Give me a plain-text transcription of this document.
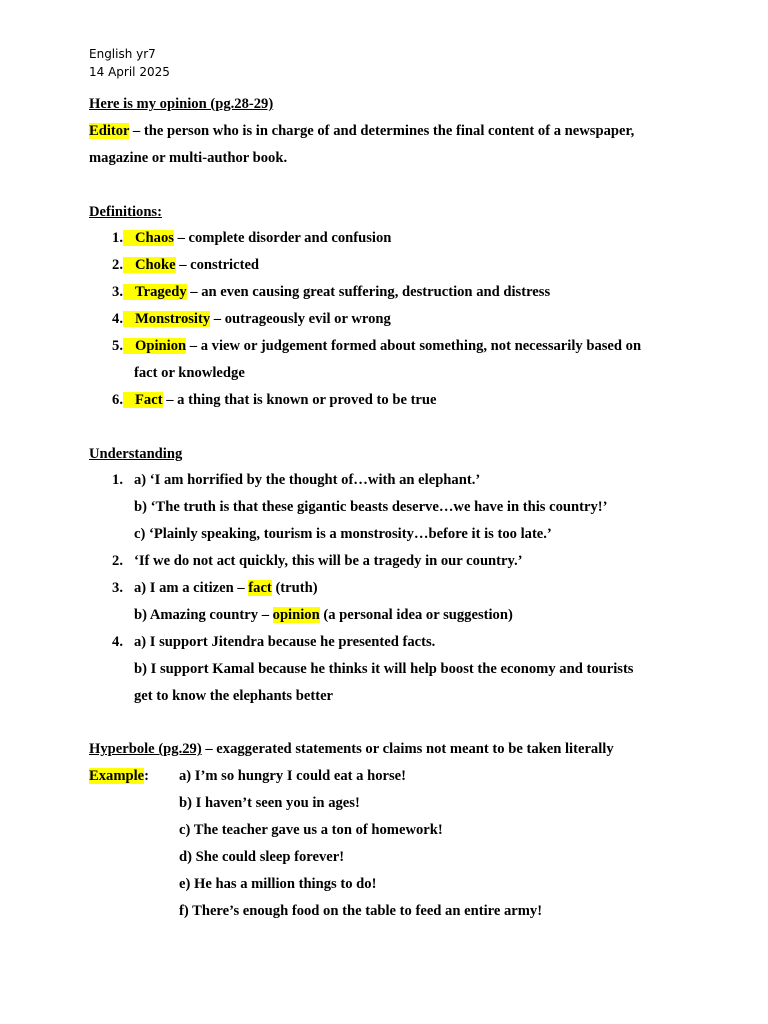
English yr7
14 April 2025
Here is my opinion (pg.28-29)
Editor – the person who is in charge of and determines the final content of a newspaper,
magazine or multi-author book.
Definitions:
1. Chaos – complete disorder and confusion
2. Choke – constricted
3. Tragedy – an even causing great suffering, destruction and distress
4. Monstrosity – outrageously evil or wrong
5. Opinion – a view or judgement formed about something, not necessarily based on
fact or knowledge
6. Fact – a thing that is known or proved to be true
Understanding
1. a) ‘I am horrified by the thought of…with an elephant.’
b) ‘The truth is that these gigantic beasts deserve…we have in this country!’
c) ‘Plainly speaking, tourism is a monstrosity…before it is too late.’
2. ‘If we do not act quickly, this will be a tragedy in our country.’
3. a) I am a citizen – fact (truth)
b) Amazing country – opinion (a personal idea or suggestion)
4. a) I support Jitendra because he presented facts.
b) I support Kamal because he thinks it will help boost the economy and tourists
get to know the elephants better
Hyperbole (pg.29) – exaggerated statements or claims not meant to be taken literally
Example: a) I’m so hungry I could eat a horse!
b) I haven’t seen you in ages!
c) The teacher gave us a ton of homework!
d) She could sleep forever!
e) He has a million things to do!
f) There’s enough food on the table to feed an entire army!
